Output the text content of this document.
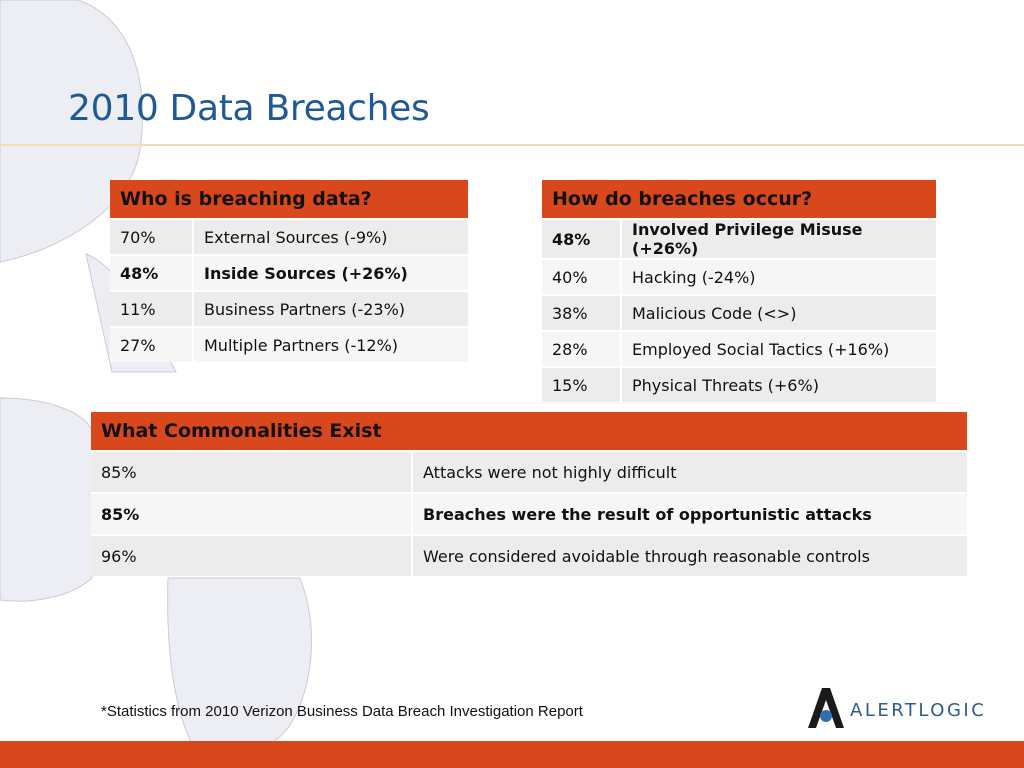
2010 Data Breaches
Who is breaching data?	
70%	External Sources (-9%)
48%	Inside Sources (+26%)
11%	Business Partners (-23%)
27%	Multiple Partners (-12%)
How do breaches occur?	
48%	Involved Privilege Misuse (+26%)
40%	Hacking (-24%)
38%	Malicious Code (<>)
28%	Employed Social Tactics (+16%)
15%	Physical Threats (+6%)
What Commonalities Exist	
85%	Attacks were not highly difficult
85%	Breaches were the result of opportunistic attacks
96%	Were considered avoidable through reasonable controls
*Statistics from 2010 Verizon Business Data Breach Investigation Report	ALERTLOGIC
